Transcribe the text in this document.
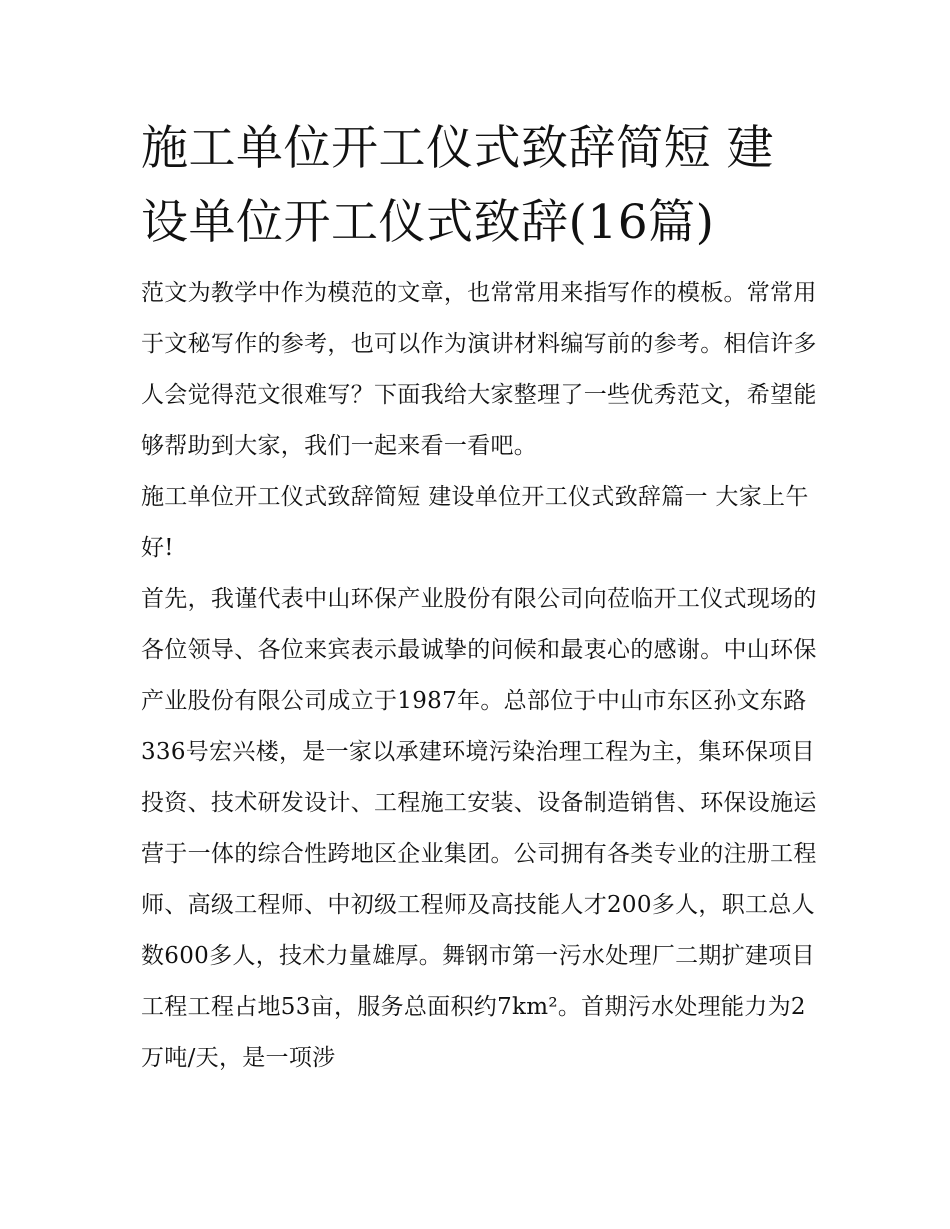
施工单位开工仪式致辞简短 建设单位开工仪式致辞(16篇)

范文为教学中作为模范的文章，也常常用来指写作的模板。常常用于文秘写作的参考，也可以作为演讲材料编写前的参考。相信许多人会觉得范文很难写？下面我给大家整理了一些优秀范文，希望能够帮助到大家，我们一起来看一看吧。

施工单位开工仪式致辞简短 建设单位开工仪式致辞篇一 大家上午好!

首先，我谨代表中山环保产业股份有限公司向莅临开工仪式现场的各位领导、各位来宾表示最诚挚的问候和最衷心的感谢。中山环保产业股份有限公司成立于1987年。总部位于中山市东区孙文东路336号宏兴楼，是一家以承建环境污染治理工程为主，集环保项目投资、技术研发设计、工程施工安装、设备制造销售、环保设施运营于一体的综合性跨地区企业集团。公司拥有各类专业的注册工程师、高级工程师、中初级工程师及高技能人才200多人，职工总人数600多人，技术力量雄厚。舞钢市第一污水处理厂二期扩建项目工程工程占地53亩，服务总面积约7km²。首期污水处理能力为2万吨/天，是一项涉
